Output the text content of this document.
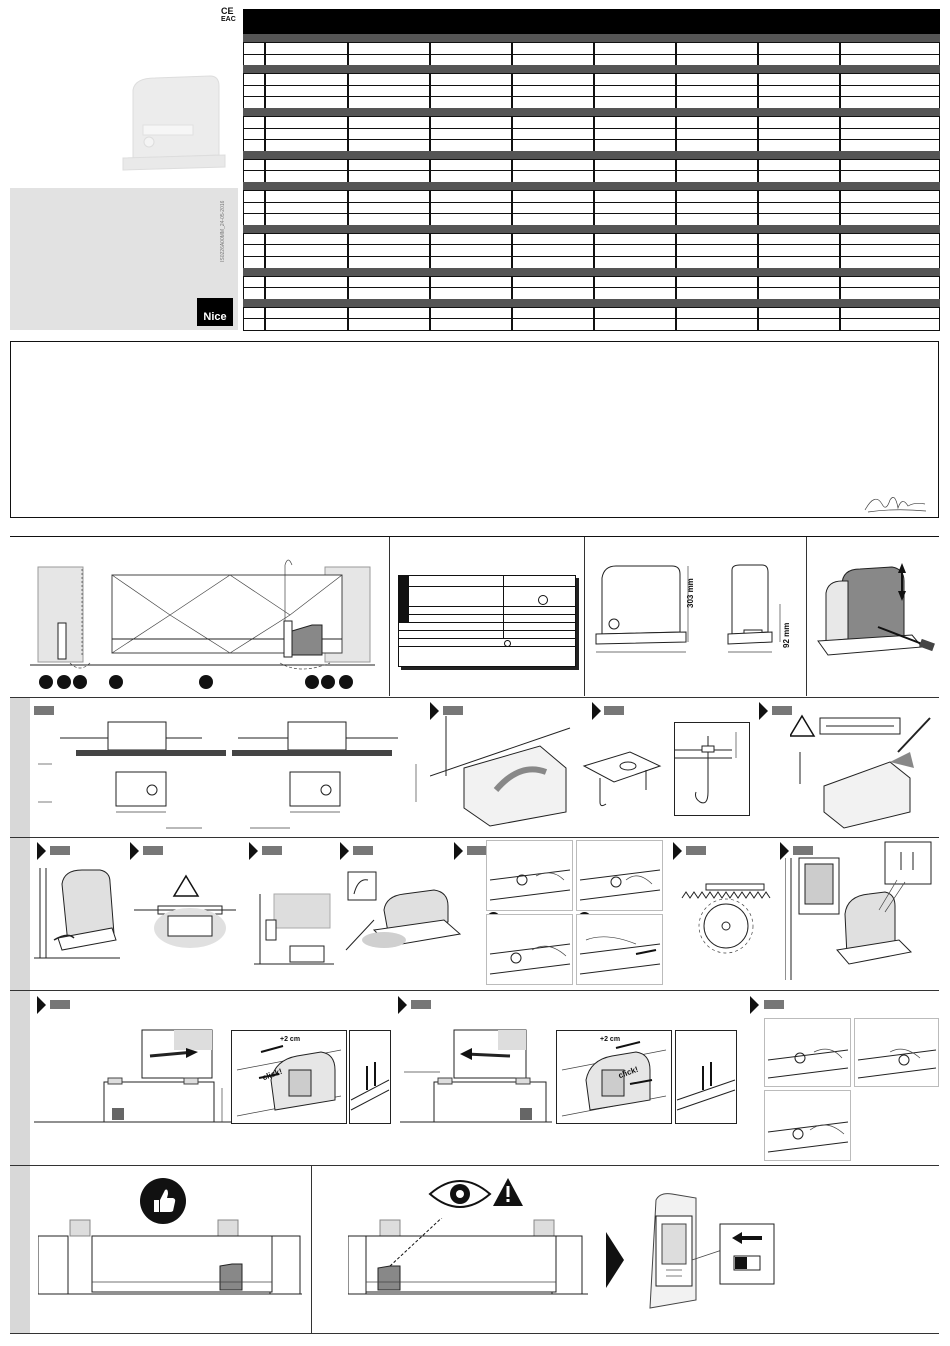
CE
EAC
IS0226A00MM_24-05-2016
Nice
1	2	3	4	5	6	7	8
303 mm
92 mm
+2 cm
click!
+2 cm
click!
